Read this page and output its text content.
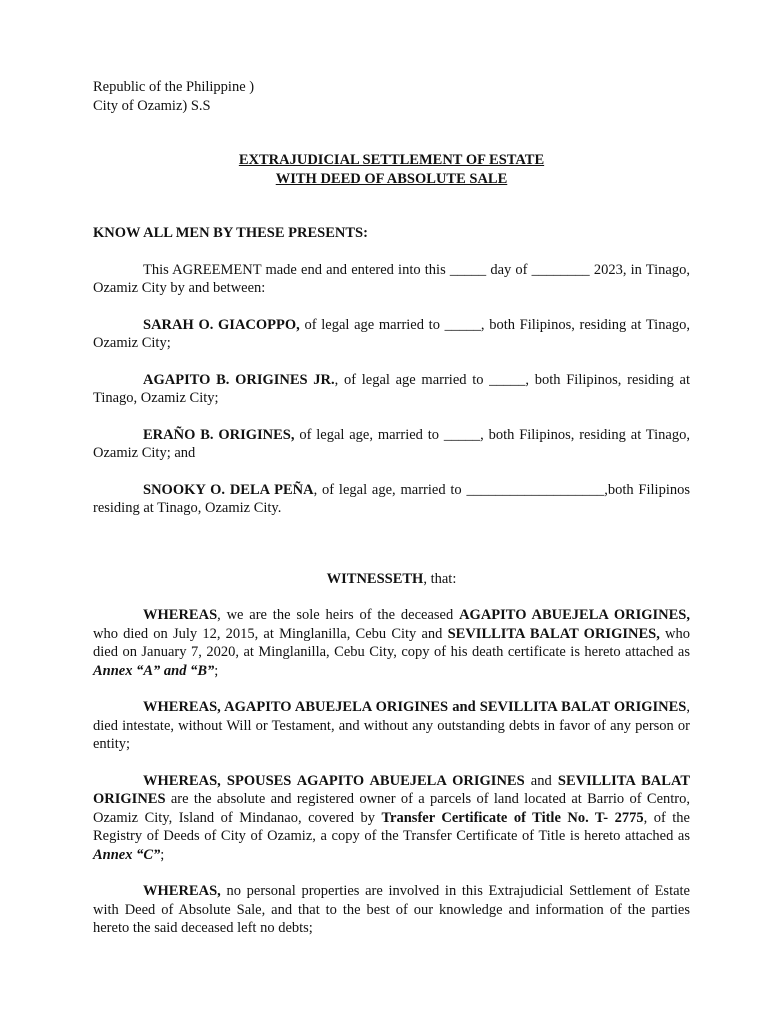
Republic of the Philippine )

City of Ozamiz) S.S

EXTRAJUDICIAL SETTLEMENT OF ESTATE

WITH DEED OF ABSOLUTE SALE

KNOW ALL MEN BY THESE PRESENTS:

This AGREEMENT made end and entered into this _____ day of ________ 2023, in Tinago, Ozamiz City by and between:

SARAH O. GIACOPPO, of legal age married to _____, both Filipinos, residing at Tinago, Ozamiz City;

AGAPITO B. ORIGINES JR., of legal age married to _____, both Filipinos, residing at Tinago, Ozamiz City;

ERAÑO B. ORIGINES, of legal age, married to _____, both Filipinos, residing at Tinago, Ozamiz City; and

SNOOKY O. DELA PEÑA, of legal age, married to ___________________,both Filipinos residing at Tinago, Ozamiz City.

WITNESSETH, that:

WHEREAS, we are the sole heirs of the deceased AGAPITO ABUEJELA ORIGINES, who died on July 12, 2015, at Minglanilla, Cebu City and SEVILLITA BALAT ORIGINES, who died on January 7, 2020, at Minglanilla, Cebu City, copy of his death certificate is hereto attached as Annex “A” and “B”;

WHEREAS, AGAPITO ABUEJELA ORIGINES and SEVILLITA BALAT ORIGINES, died intestate, without Will or Testament, and without any outstanding debts in favor of any person or entity;

WHEREAS, SPOUSES AGAPITO ABUEJELA ORIGINES and SEVILLITA BALAT ORIGINES are the absolute and registered owner of a parcels of land located at Barrio of Centro, Ozamiz City, Island of Mindanao, covered by Transfer Certificate of Title No. T- 2775, of the Registry of Deeds of City of Ozamiz, a copy of the Transfer Certificate of Title is hereto attached as Annex “C”;

WHEREAS, no personal properties are involved in this Extrajudicial Settlement of Estate with Deed of Absolute Sale, and that to the best of our knowledge and information of the parties hereto the said deceased left no debts;
